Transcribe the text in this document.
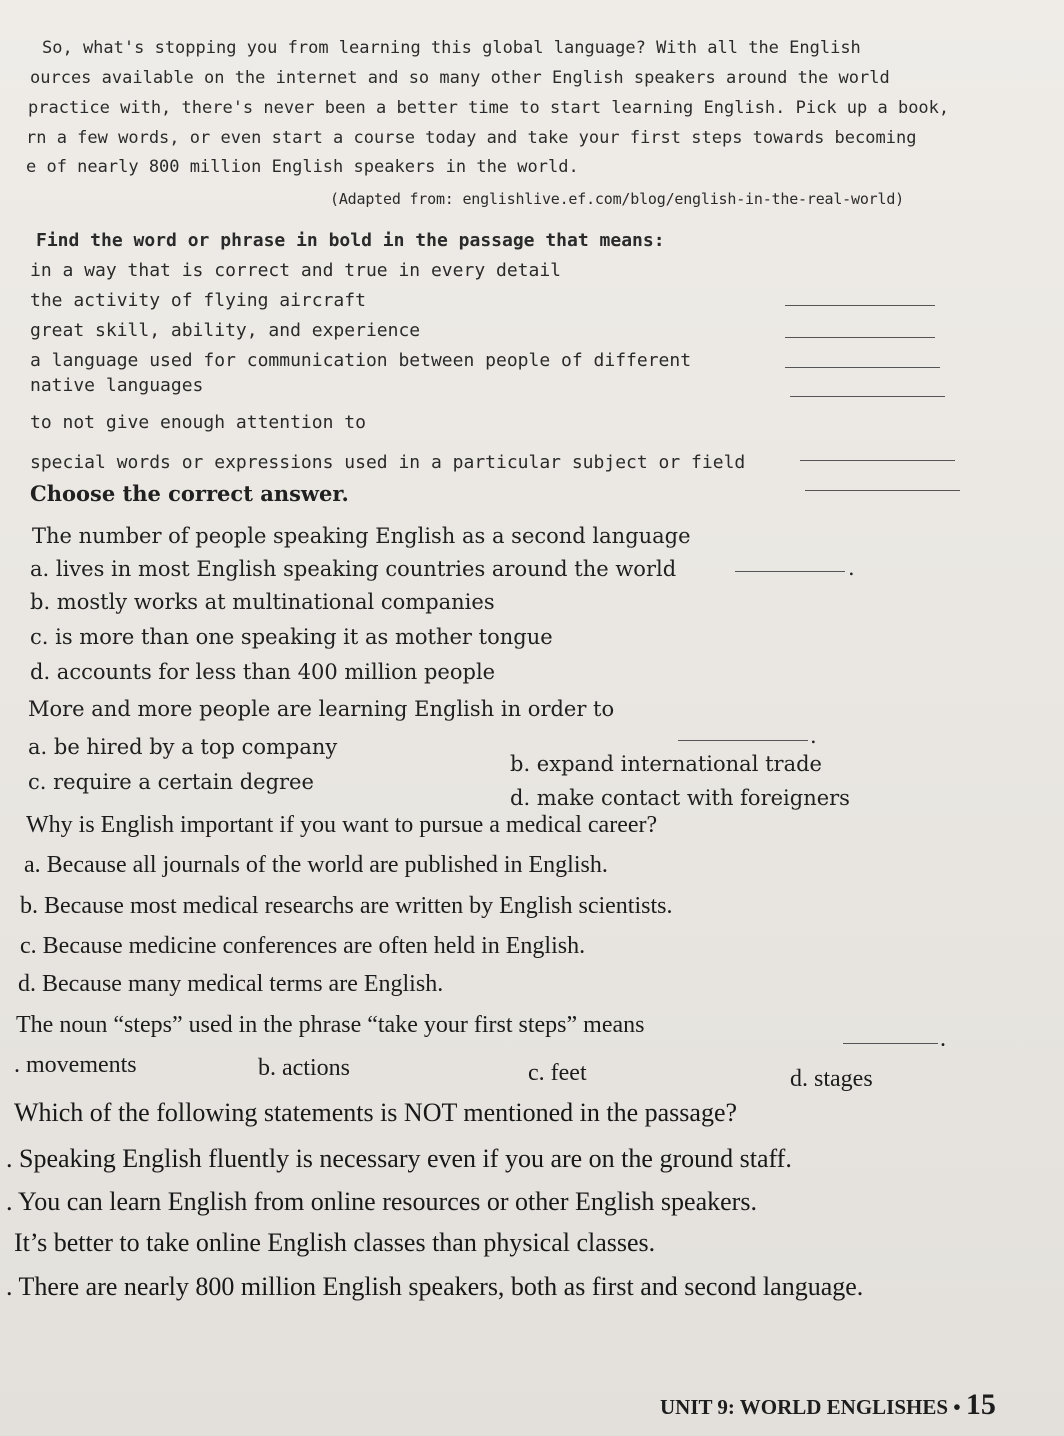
So, what's stopping you from learning this global language? With all the English
ources available on the internet and so many other English speakers around the world
practice with, there's never been a better time to start learning English. Pick up a book,
rn a few words, or even start a course today and take your first steps towards becoming
e of nearly 800 million English speakers in the world.
(Adapted from: englishlive.ef.com/blog/english-in-the-real-world)
Find the word or phrase in bold in the passage that means:
in a way that is correct and true in every detail
the activity of flying aircraft
great skill, ability, and experience
a language used for communication between people of different
native languages
to not give enough attention to
special words or expressions used in a particular subject or field
Choose the correct answer.
The number of people speaking English as a second language
.
a. lives in most English speaking countries around the world
b. mostly works at multinational companies
c. is more than one speaking it as mother tongue
d. accounts for less than 400 million people
More and more people are learning English in order to
.
a. be hired by a top company
b. expand international trade
c. require a certain degree
d. make contact with foreigners
Why is English important if you want to pursue a medical career?
a. Because all journals of the world are published in English.
b. Because most medical researchs are written by English scientists.
c. Because medicine conferences are often held in English.
d. Because many medical terms are English.
The noun “steps” used in the phrase “take your first steps” means
.
. movements	b. actions	c. feet	d. stages
Which of the following statements is NOT mentioned in the passage?
. Speaking English fluently is necessary even if you are on the ground staff.
. You can learn English from online resources or other English speakers.
It’s better to take online English classes than physical classes.
. There are nearly 800 million English speakers, both as first and second language.
UNIT 9: WORLD ENGLISHES • 15
